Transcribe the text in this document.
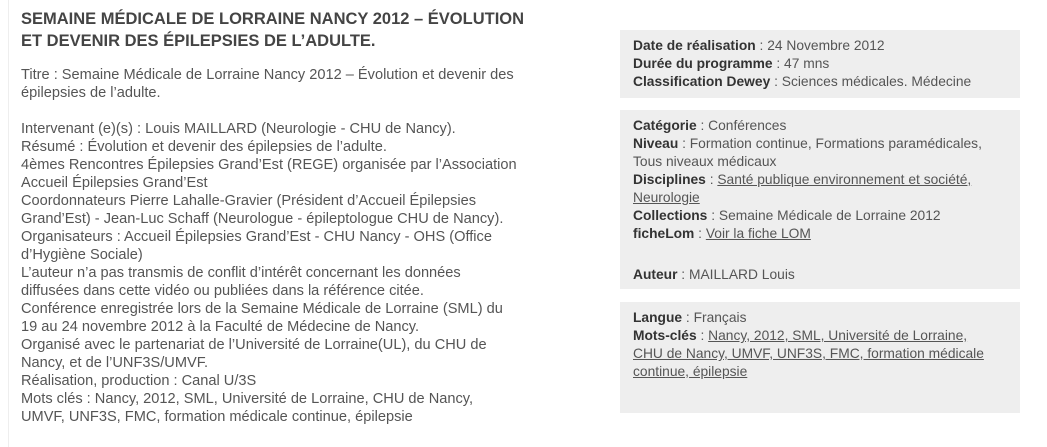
SEMAINE MÉDICALE DE LORRAINE NANCY 2012 – ÉVOLUTION
ET DEVENIR DES ÉPILEPSIES DE L’ADULTE.
Titre : Semaine Médicale de Lorraine Nancy 2012 – Évolution et devenir des
épilepsies de l’adulte.
Intervenant (e)(s) : Louis MAILLARD (Neurologie - CHU de Nancy).
Résumé : Évolution et devenir des épilepsies de l’adulte.
4èmes Rencontres Épilepsies Grand’Est (REGE) organisée par l’Association
Accueil Épilepsies Grand’Est
Coordonnateurs Pierre Lahalle-Gravier (Président d’Accueil Épilepsies
Grand’Est) - Jean-Luc Schaff (Neurologue - épileptologue CHU de Nancy).
Organisateurs : Accueil Épilepsies Grand’Est - CHU Nancy - OHS (Office
d’Hygiène Sociale)
L’auteur n’a pas transmis de conflit d’intérêt concernant les données
diffusées dans cette vidéo ou publiées dans la référence citée.
Conférence enregistrée lors de la Semaine Médicale de Lorraine (SML) du
19 au 24 novembre 2012 à la Faculté de Médecine de Nancy.
Organisé avec le partenariat de l’Université de Lorraine(UL), du CHU de
Nancy, et de l’UNF3S/UMVF.
Réalisation, production : Canal U/3S
Mots clés : Nancy, 2012, SML, Université de Lorraine, CHU de Nancy,
UMVF, UNF3S, FMC, formation médicale continue, épilepsie
Date de réalisation : 24 Novembre 2012
Durée du programme : 47 mns
Classification Dewey : Sciences médicales. Médecine
Catégorie : Conférences
Niveau : Formation continue, Formations paramédicales,
Tous niveaux médicaux
Disciplines : Santé publique environnement et société,
Neurologie
Collections : Semaine Médicale de Lorraine 2012
ficheLom : Voir la fiche LOM
Auteur : MAILLARD Louis
Langue : Français
Mots-clés : Nancy, 2012, SML, Université de Lorraine,
CHU de Nancy, UMVF, UNF3S, FMC, formation médicale
continue, épilepsie
